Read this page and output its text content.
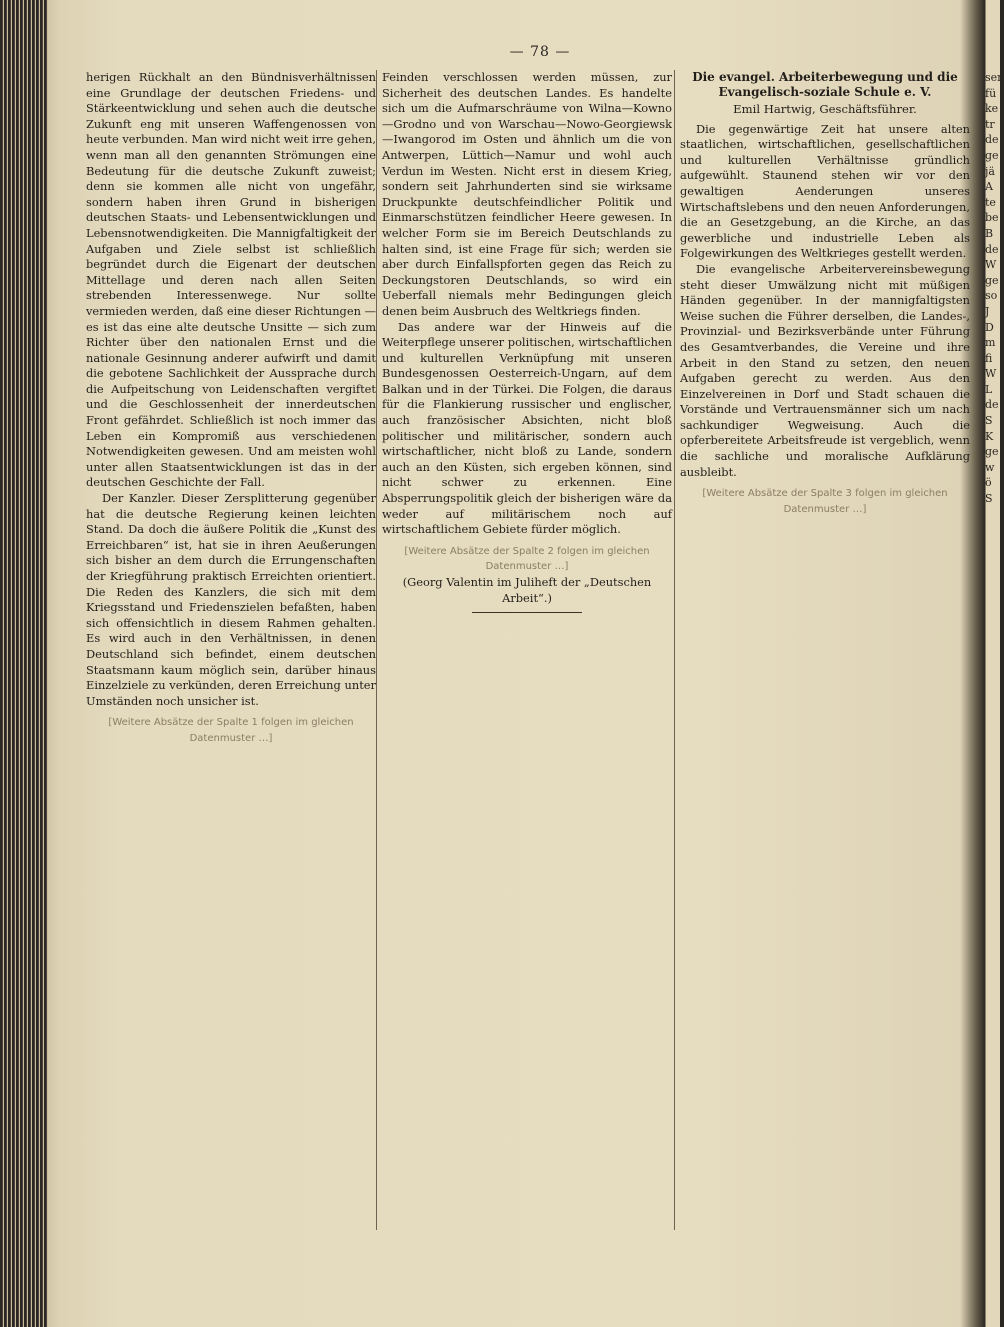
— 78 —

herigen Rückhalt an den Bündnisverhältnissen eine Grundlage der deutschen Friedens- und Stärkeentwicklung und sehen auch die deutsche Zukunft eng mit unseren Waffengenossen von heute verbunden. Man wird nicht weit irre gehen, wenn man all den genannten Strömungen eine Bedeutung für die deutsche Zukunft zuweist; denn sie kommen alle nicht von ungefähr, sondern haben ihren Grund in bisherigen deutschen Staats- und Lebensentwicklungen und Lebensnotwendigkeiten. Die Mannigfaltigkeit der Aufgaben und Ziele selbst ist schließlich begründet durch die Eigenart der deutschen Mittellage und deren nach allen Seiten strebenden Interessenwege. Nur sollte vermieden werden, daß eine dieser Richtungen — es ist das eine alte deutsche Unsitte — sich zum Richter über den nationalen Ernst und die nationale Gesinnung anderer aufwirft und damit die gebotene Sachlichkeit der Aussprache durch die Aufpeitschung von Leidenschaften vergiftet und die Geschlossenheit der innerdeutschen Front gefährdet. Schließlich ist noch immer das Leben ein Kompromiß aus verschiedenen Notwendigkeiten gewesen. Und am meisten wohl unter allen Staatsentwicklungen ist das in der deutschen Geschichte der Fall.

Der Kanzler. Dieser Zersplitterung gegenüber hat die deutsche Regierung keinen leichten Stand. Da doch die äußere Politik die „Kunst des Erreichbaren“ ist, hat sie in ihren Aeußerungen sich bisher an dem durch die Errungenschaften der Kriegführung praktisch Erreichten orientiert. Die Reden des Kanzlers, die sich mit dem Kriegsstand und Friedenszielen befaßten, haben sich offensichtlich in diesem Rahmen gehalten. Es wird auch in den Verhältnissen, in denen Deutschland sich befindet, einem deutschen Staatsmann kaum möglich sein, darüber hinaus Einzelziele zu verkünden, deren Erreichung unter Umständen noch unsicher ist.

[Weitere Absätze der Spalte 1 folgen im gleichen Datenmuster …]

Feinden verschlossen werden müssen, zur Sicherheit des deutschen Landes. Es handelte sich um die Aufmarschräume von Wilna—Kowno—Grodno und von Warschau—Nowo-Georgiewsk—Iwangorod im Osten und ähnlich um die von Antwerpen, Lüttich—Namur und wohl auch Verdun im Westen. Nicht erst in diesem Krieg, sondern seit Jahrhunderten sind sie wirksame Druckpunkte deutschfeindlicher Politik und Einmarschstützen feindlicher Heere gewesen. In welcher Form sie im Bereich Deutschlands zu halten sind, ist eine Frage für sich; werden sie aber durch Einfallspforten gegen das Reich zu Deckungstoren Deutschlands, so wird ein Ueberfall niemals mehr Bedingungen gleich denen beim Ausbruch des Weltkriegs finden.

Das andere war der Hinweis auf die Weiterpflege unserer politischen, wirtschaftlichen und kulturellen Verknüpfung mit unseren Bundesgenossen Oesterreich-Ungarn, auf dem Balkan und in der Türkei. Die Folgen, die daraus für die Flankierung russischer und englischer, auch französischer Absichten, nicht bloß politischer und militärischer, sondern auch wirtschaftlicher, nicht bloß zu Lande, sondern auch an den Küsten, sich ergeben können, sind nicht schwer zu erkennen. Eine Absperrungspolitik gleich der bisherigen wäre da weder auf militärischem noch auf wirtschaftlichem Gebiete fürder möglich.

[Weitere Absätze der Spalte 2 folgen im gleichen Datenmuster …]

(Georg Valentin im Juliheft der „Deutschen Arbeit“.)

Die evangel. Arbeiterbewegung und die Evangelisch-soziale Schule e. V.

Emil Hartwig, Geschäftsführer.

Die gegenwärtige Zeit hat unsere alten staatlichen, wirtschaftlichen, gesellschaftlichen und kulturellen Verhältnisse gründlich aufgewühlt. Staunend stehen wir vor den gewaltigen Aenderungen unseres Wirtschaftslebens und den neuen Anforderungen, die an Gesetzgebung, an die Kirche, an das gewerbliche und industrielle Leben als Folgewirkungen des Weltkrieges gestellt werden.

Die evangelische Arbeitervereinsbewegung steht dieser Umwälzung nicht mit müßigen Händen gegenüber. In der mannigfaltigsten Weise suchen die Führer derselben, die Landes-, Provinzial- und Bezirksverbände unter Führung des Gesamtverbandes, die Vereine und ihre Arbeit in den Stand zu setzen, den neuen Aufgaben gerecht zu werden. Aus den Einzelvereinen in Dorf und Stadt schauen die Vorstände und Vertrauensmänner sich um nach sachkundiger Wegweisung. Auch die opferbereitete Arbeitsfreude ist vergeblich, wenn die sachliche und moralische Aufklärung ausbleibt.

[Weitere Absätze der Spalte 3 folgen im gleichen Datenmuster …]

sen
fü
ke
tr
de
ge
jä
A
te
be
B
de
W
ge
so
J
D
m
fi
W
L
de
S
K
ge
w
ö
S
